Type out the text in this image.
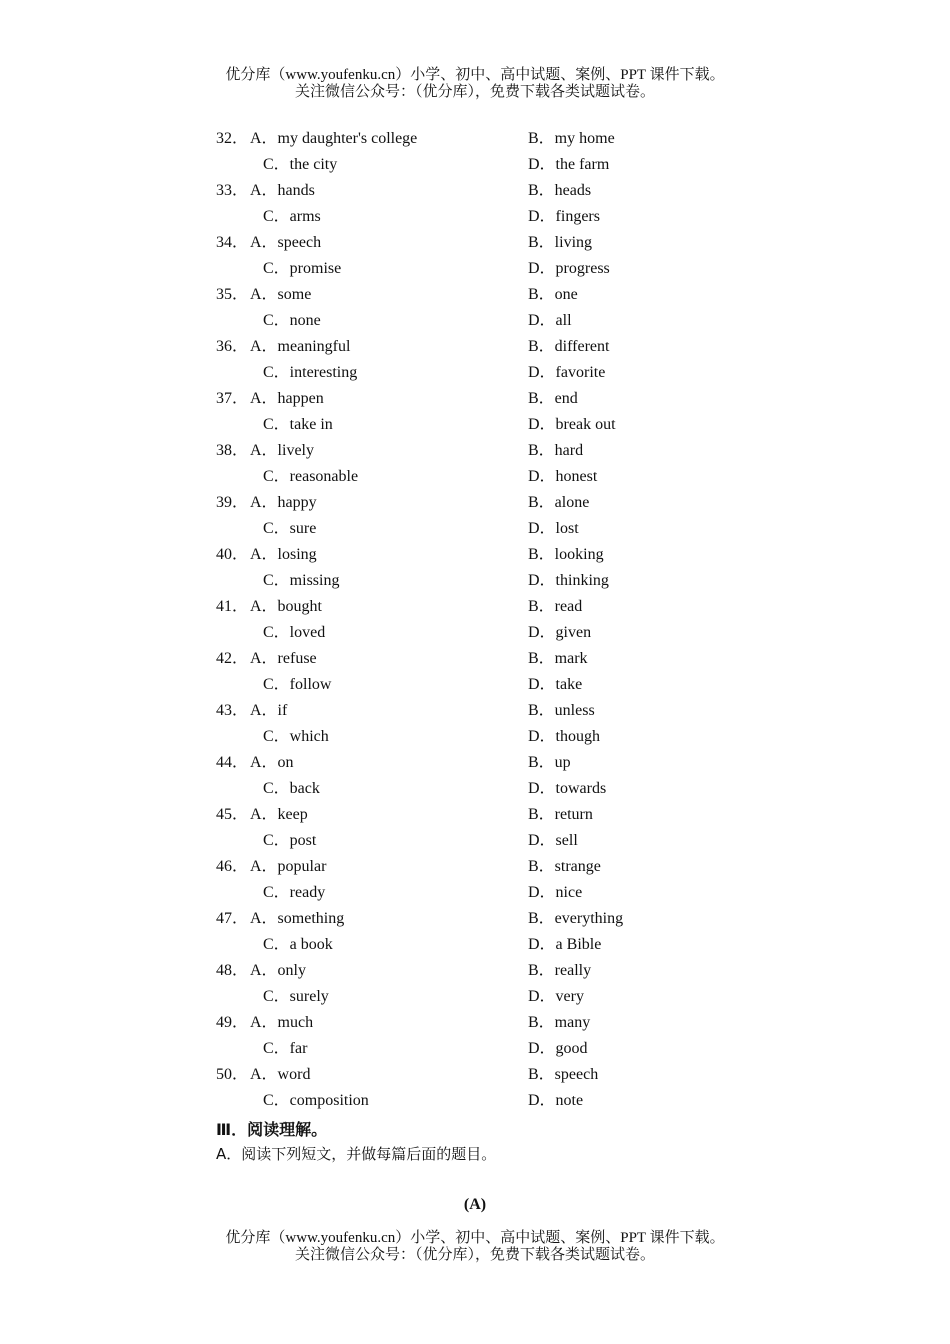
优分库（www.youfenku.cn）小学、初中、高中试题、案例、PPT 课件下载。
关注微信公众号：（优分库），免费下载各类试题试卷。
32． A．my daughter's college	B．my home
C．the city	D．the farm
33． A．hands	B．heads
C．arms	D．fingers
34． A．speech	B．living
C．promise	D．progress
35． A．some	B．one
C．none	D．all
36． A．meaningful	B．different
C．interesting	D．favorite
37． A．happen	B．end
C．take in	D．break out
38． A．lively	B．hard
C．reasonable	D．honest
39． A．happy	B．alone
C．sure	D．lost
40． A．losing	B．looking
C．missing	D．thinking
41． A．bought	B．read
C．loved	D．given
42． A．refuse	B．mark
C．follow	D．take
43． A．if	B．unless
C．which	D．though
44． A．on	B．up
C．back	D．towards
45． A．keep	B．return
C．post	D．sell
46． A．popular	B．strange
C．ready	D．nice
47． A．something	B．everything
C．a book	D．a Bible
48． A．only	B．really
C．surely	D．very
49． A．much	B．many
C．far	D．good
50． A．word	B．speech
C．composition	D．note
Ⅲ．阅读理解。
A．阅读下列短文，并做每篇后面的题目。
(A)
优分库（www.youfenku.cn）小学、初中、高中试题、案例、PPT 课件下载。
关注微信公众号：（优分库），免费下载各类试题试卷。
